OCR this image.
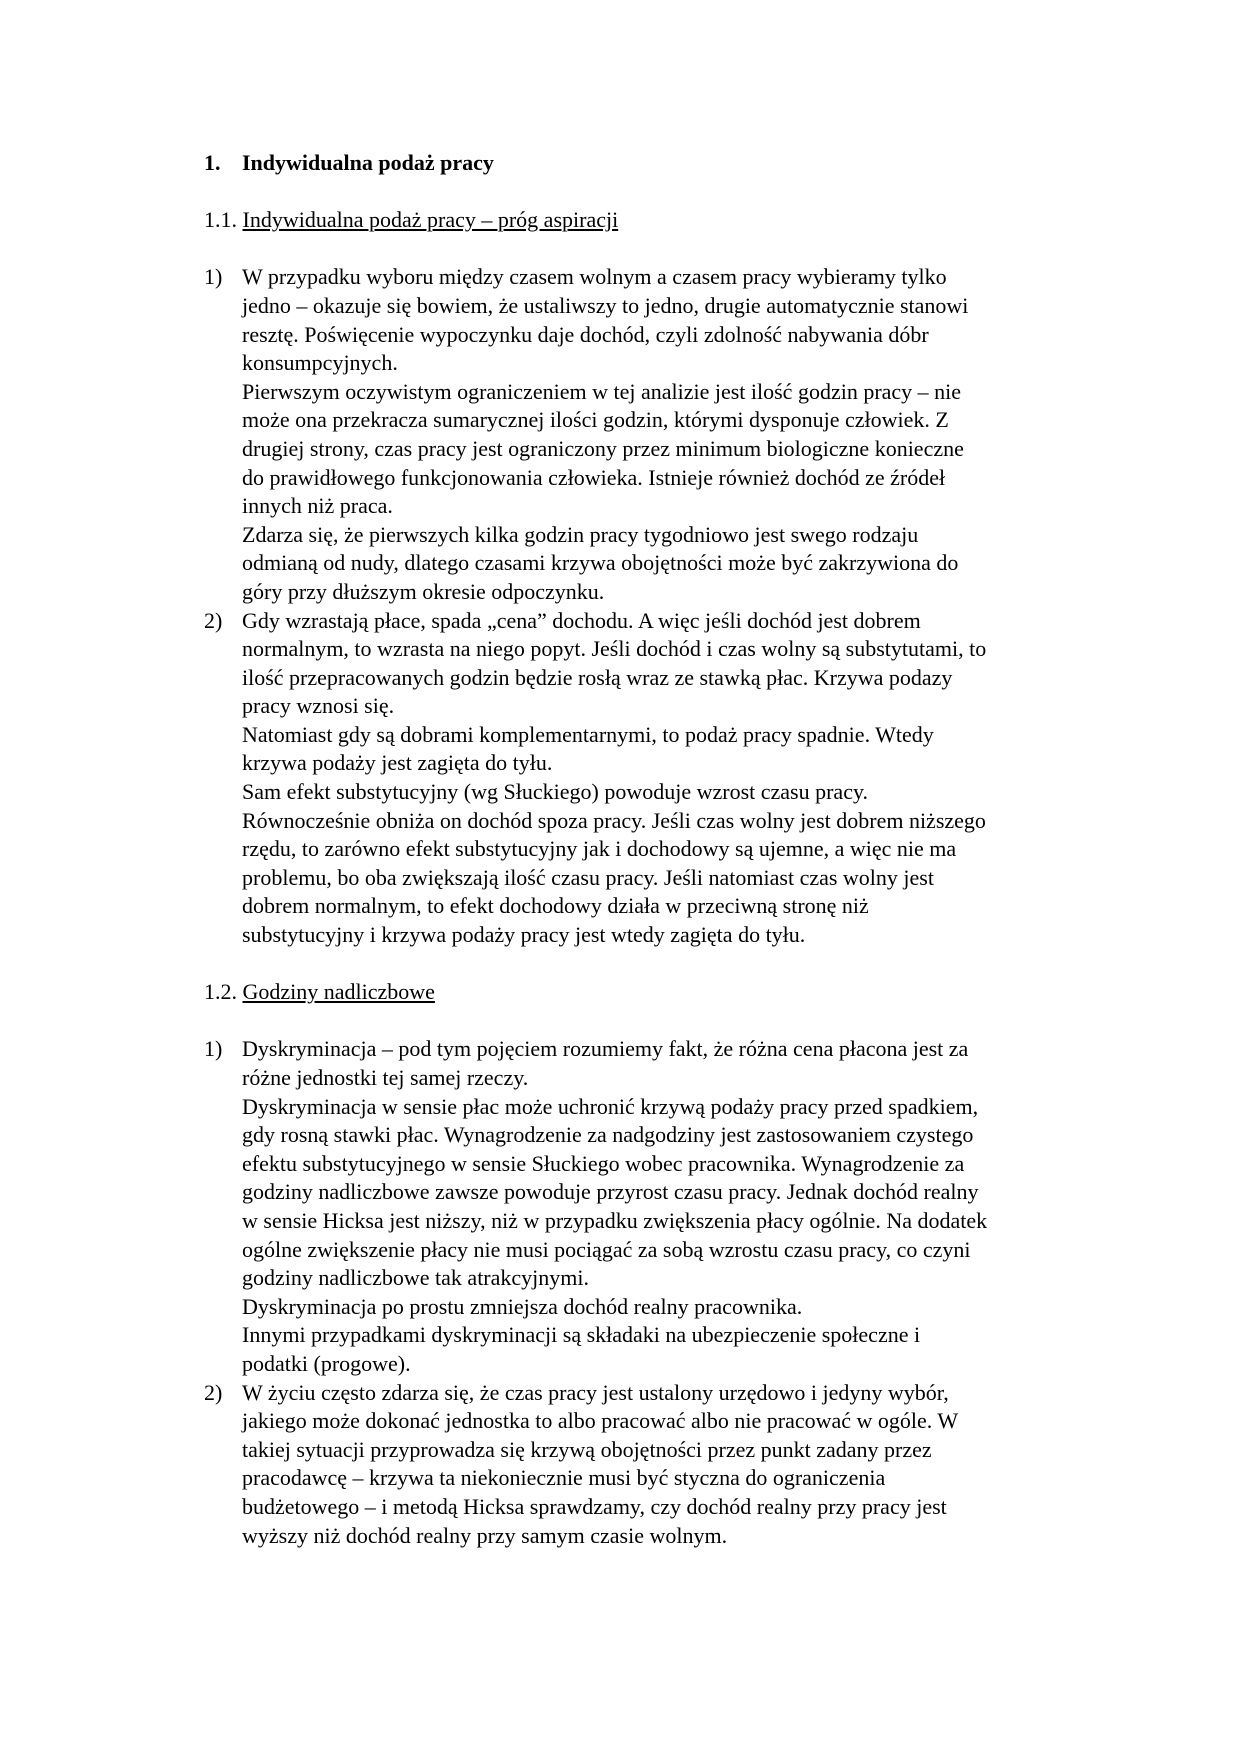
1. Indywidualna podaż pracy
1.1. Indywidualna podaż pracy – próg aspiracji
1) W przypadku wyboru między czasem wolnym a czasem pracy wybieramy tylko
jedno – okazuje się bowiem, że ustaliwszy to jedno, drugie automatycznie stanowi
resztę. Poświęcenie wypoczynku daje dochód, czyli zdolność nabywania dóbr
konsumpcyjnych.
Pierwszym oczywistym ograniczeniem w tej analizie jest ilość godzin pracy – nie
może ona przekracza sumarycznej ilości godzin, którymi dysponuje człowiek. Z
drugiej strony, czas pracy jest ograniczony przez minimum biologiczne konieczne
do prawidłowego funkcjonowania człowieka. Istnieje również dochód ze źródeł
innych niż praca.
Zdarza się, że pierwszych kilka godzin pracy tygodniowo jest swego rodzaju
odmianą od nudy, dlatego czasami krzywa obojętności może być zakrzywiona do
góry przy dłuższym okresie odpoczynku.
2) Gdy wzrastają płace, spada „cena” dochodu. A więc jeśli dochód jest dobrem
normalnym, to wzrasta na niego popyt. Jeśli dochód i czas wolny są substytutami, to
ilość przepracowanych godzin będzie rosłą wraz ze stawką płac. Krzywa podazy
pracy wznosi się.
Natomiast gdy są dobrami komplementarnymi, to podaż pracy spadnie. Wtedy
krzywa podaży jest zagięta do tyłu.
Sam efekt substytucyjny (wg Słuckiego) powoduje wzrost czasu pracy.
Równocześnie obniża on dochód spoza pracy. Jeśli czas wolny jest dobrem niższego
rzędu, to zarówno efekt substytucyjny jak i dochodowy są ujemne, a więc nie ma
problemu, bo oba zwiększają ilość czasu pracy. Jeśli natomiast czas wolny jest
dobrem normalnym, to efekt dochodowy działa w przeciwną stronę niż
substytucyjny i krzywa podaży pracy jest wtedy zagięta do tyłu.
1.2. Godziny nadliczbowe
1) Dyskryminacja – pod tym pojęciem rozumiemy fakt, że różna cena płacona jest za
różne jednostki tej samej rzeczy.
Dyskryminacja w sensie płac może uchronić krzywą podaży pracy przed spadkiem,
gdy rosną stawki płac. Wynagrodzenie za nadgodziny jest zastosowaniem czystego
efektu substytucyjnego w sensie Słuckiego wobec pracownika. Wynagrodzenie za
godziny nadliczbowe zawsze powoduje przyrost czasu pracy. Jednak dochód realny
w sensie Hicksa jest niższy, niż w przypadku zwiększenia płacy ogólnie. Na dodatek
ogólne zwiększenie płacy nie musi pociągać za sobą wzrostu czasu pracy, co czyni
godziny nadliczbowe tak atrakcyjnymi.
Dyskryminacja po prostu zmniejsza dochód realny pracownika.
Innymi przypadkami dyskryminacji są składaki na ubezpieczenie społeczne i
podatki (progowe).
2) W życiu często zdarza się, że czas pracy jest ustalony urzędowo i jedyny wybór,
jakiego może dokonać jednostka to albo pracować albo nie pracować w ogóle. W
takiej sytuacji przyprowadza się krzywą obojętności przez punkt zadany przez
pracodawcę – krzywa ta niekoniecznie musi być styczna do ograniczenia
budżetowego – i metodą Hicksa sprawdzamy, czy dochód realny przy pracy jest
wyższy niż dochód realny przy samym czasie wolnym.
